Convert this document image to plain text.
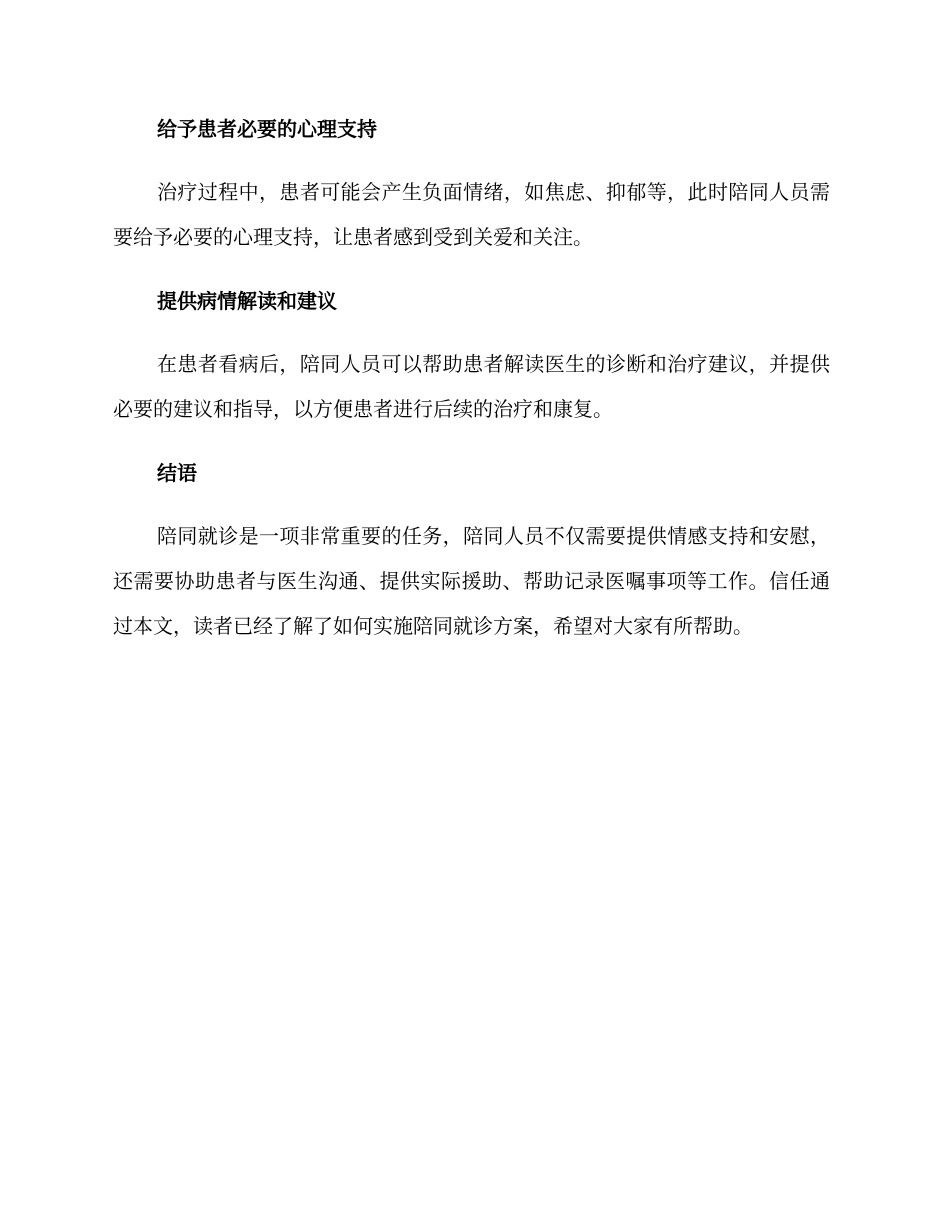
给予患者必要的心理支持

治疗过程中，患者可能会产生负面情绪，如焦虑、抑郁等，此时陪同人员需要给予必要的心理支持，让患者感到受到关爱和关注。

提供病情解读和建议

在患者看病后，陪同人员可以帮助患者解读医生的诊断和治疗建议，并提供必要的建议和指导，以方便患者进行后续的治疗和康复。

结语

陪同就诊是一项非常重要的任务，陪同人员不仅需要提供情感支持和安慰，还需要协助患者与医生沟通、提供实际援助、帮助记录医嘱事项等工作。信任通过本文，读者已经了解了如何实施陪同就诊方案，希望对大家有所帮助。
